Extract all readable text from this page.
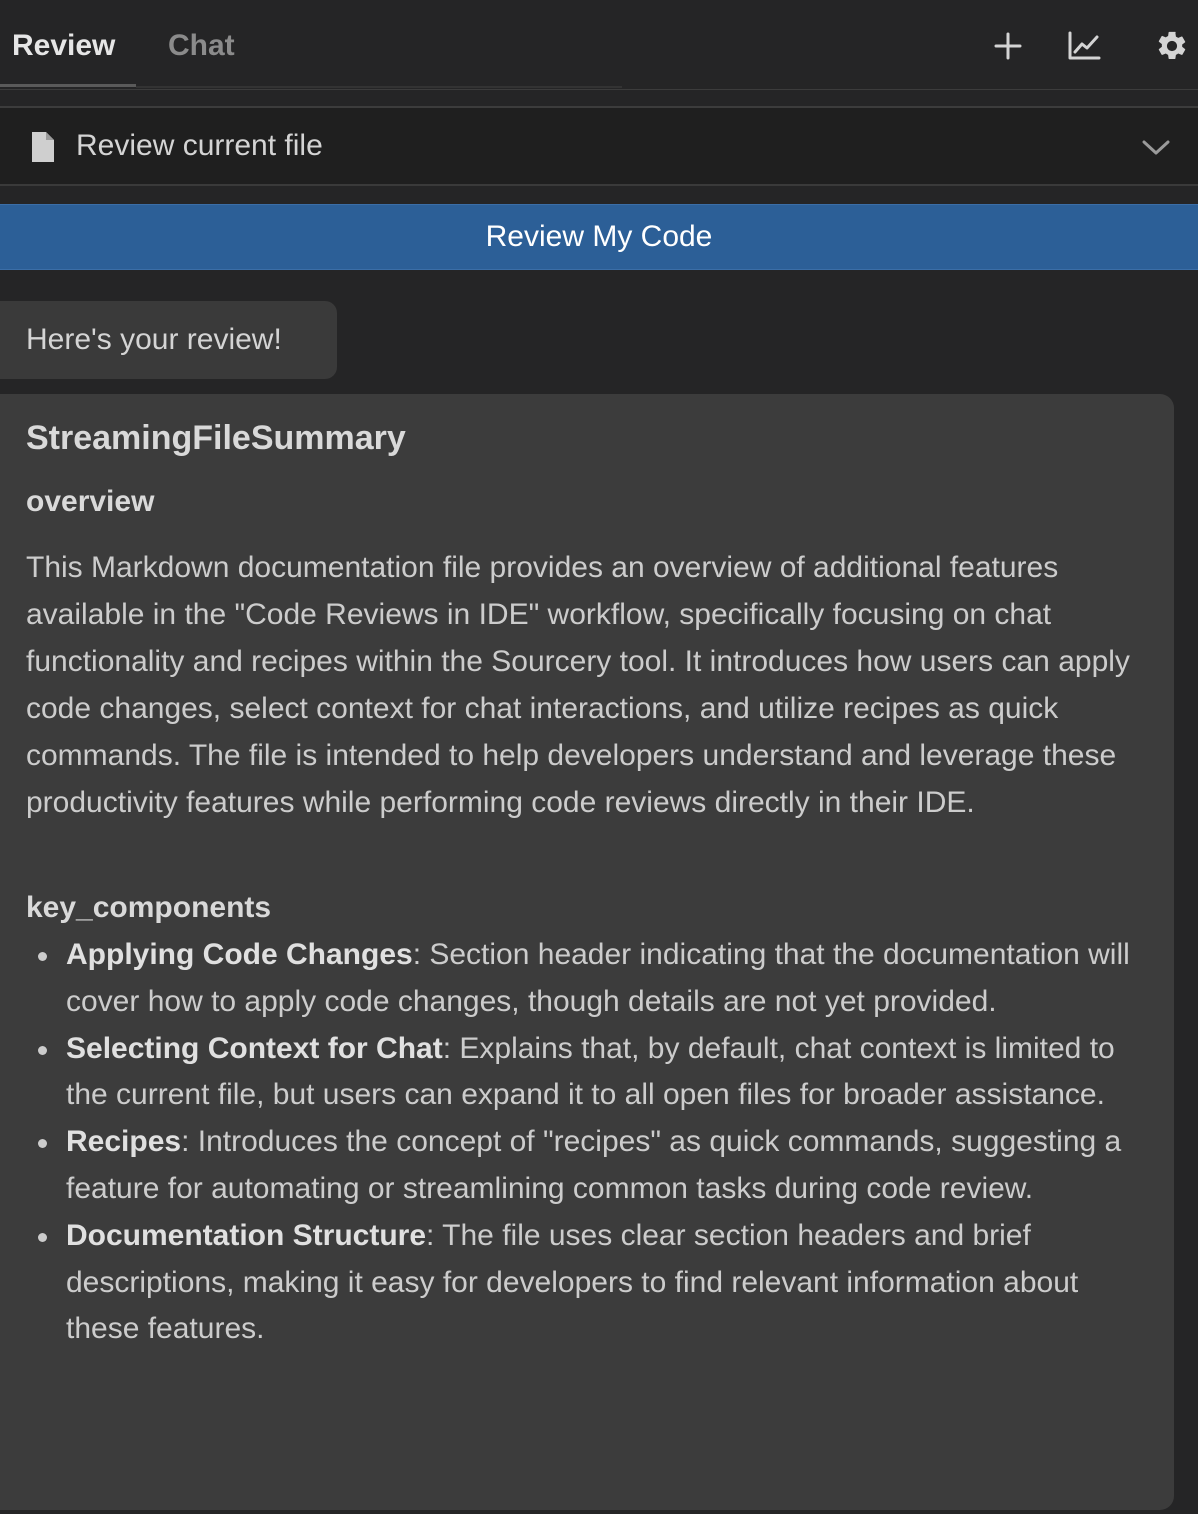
Review Chat
Review current file
Review My Code
Here's your review!
StreamingFileSummary
overview

This Markdown documentation file provides an overview of additional features available in the "Code Reviews in IDE" workflow, specifically focusing on chat functionality and recipes within the Sourcery tool. It introduces how users can apply code changes, select context for chat interactions, and utilize recipes as quick commands. The file is intended to help developers understand and leverage these productivity features while performing code reviews directly in their IDE.

key_components
Applying Code Changes: Section header indicating that the documentation will cover how to apply code changes, though details are not yet provided.
Selecting Context for Chat: Explains that, by default, chat context is limited to the current file, but users can expand it to all open files for broader assistance.
Recipes: Introduces the concept of "recipes" as quick commands, suggesting a feature for automating or streamlining common tasks during code review.
Documentation Structure: The file uses clear section headers and brief descriptions, making it easy for developers to find relevant information about these features.
